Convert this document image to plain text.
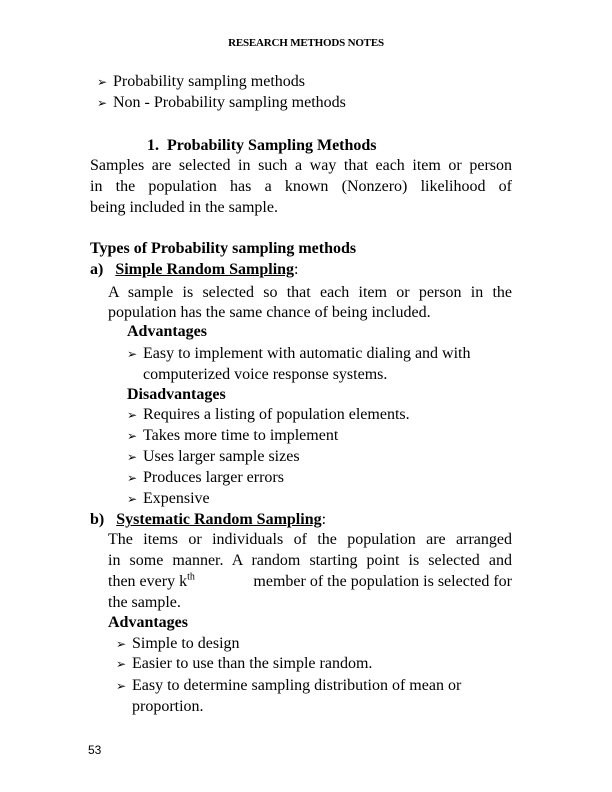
RESEARCH METHODS NOTES
➢ Probability sampling methods
➢ Non - Probability sampling methods
1. Probability Sampling Methods
Samples are selected in such a way that each item or person
in the population has a known (Nonzero) likelihood of
being included in the sample.
Types of Probability sampling methods
a) Simple Random Sampling:
A sample is selected so that each item or person in the
population has the same chance of being included.
Advantages
➢ Easy to implement with automatic dialing and with
computerized voice response systems.
Disadvantages
➢ Requires a listing of population elements.
➢ Takes more time to implement
➢ Uses larger sample sizes
➢ Produces larger errors
➢ Expensive
b) Systematic Random Sampling:
The items or individuals of the population are arranged
in some manner. A random starting point is selected and
then every $k^{th}$	member of the population is selected for
the sample.
Advantages
➢ Simple to design
➢ Easier to use than the simple random.
➢ Easy to determine sampling distribution of mean or
proportion.
53
